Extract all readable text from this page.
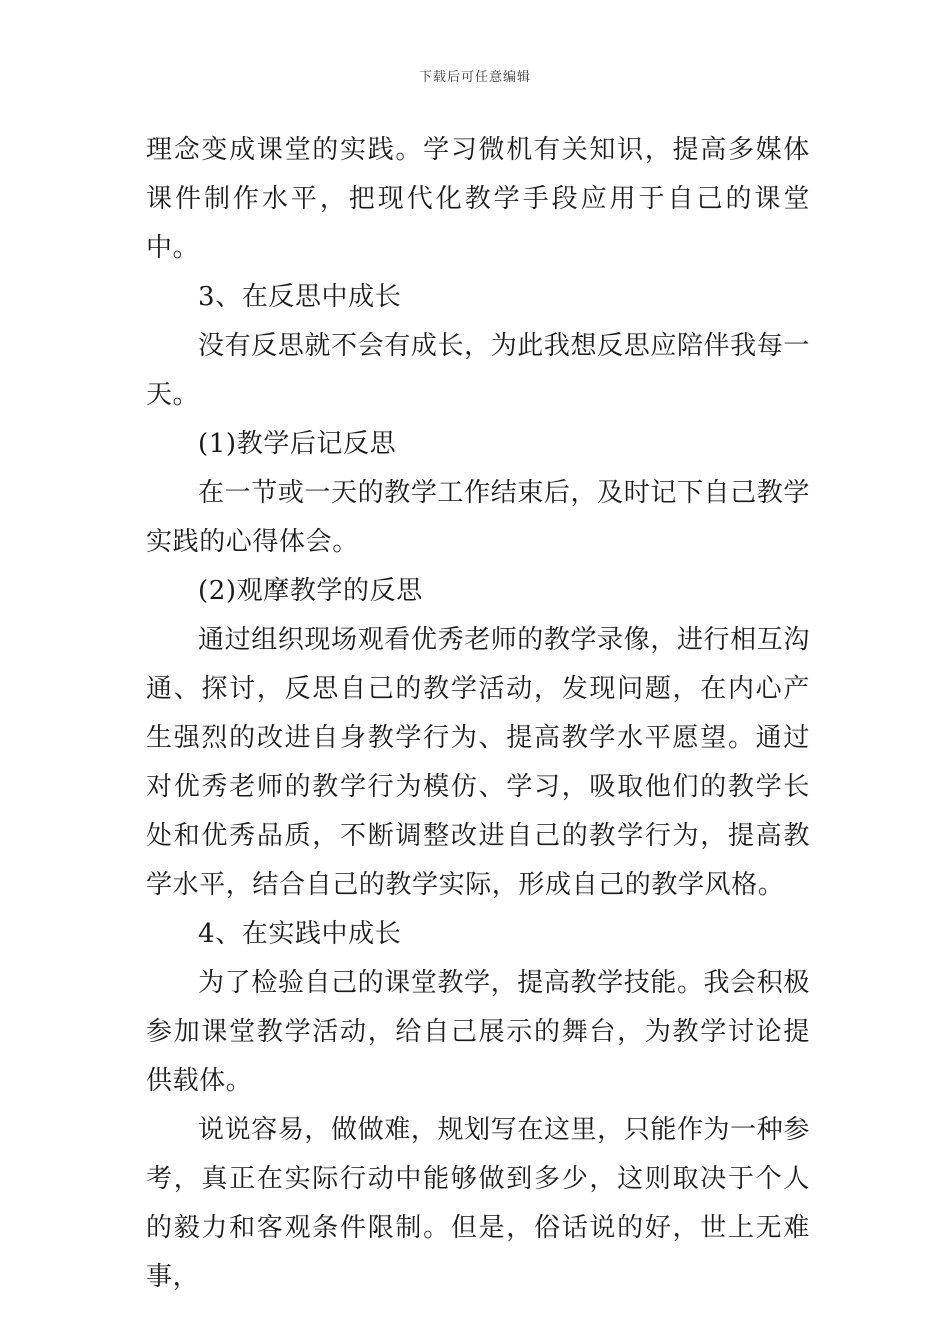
下载后可任意编辑

理念变成课堂的实践。学习微机有关知识，提高多媒体课件制作水平，把现代化教学手段应用于自己的课堂中。

3、在反思中成长

没有反思就不会有成长，为此我想反思应陪伴我每一天。

(1)教学后记反思

在一节或一天的教学工作结束后，及时记下自己教学实践的心得体会。

(2)观摩教学的反思

通过组织现场观看优秀老师的教学录像，进行相互沟通、探讨，反思自己的教学活动，发现问题，在内心产生强烈的改进自身教学行为、提高教学水平愿望。通过对优秀老师的教学行为模仿、学习，吸取他们的教学长处和优秀品质，不断调整改进自己的教学行为，提高教学水平，结合自己的教学实际，形成自己的教学风格。

4、在实践中成长

为了检验自己的课堂教学，提高教学技能。我会积极参加课堂教学活动，给自己展示的舞台，为教学讨论提供载体。

说说容易，做做难，规划写在这里，只能作为一种参考，真正在实际行动中能够做到多少，这则取决于个人的毅力和客观条件限制。但是，俗话说的好，世上无难事，
